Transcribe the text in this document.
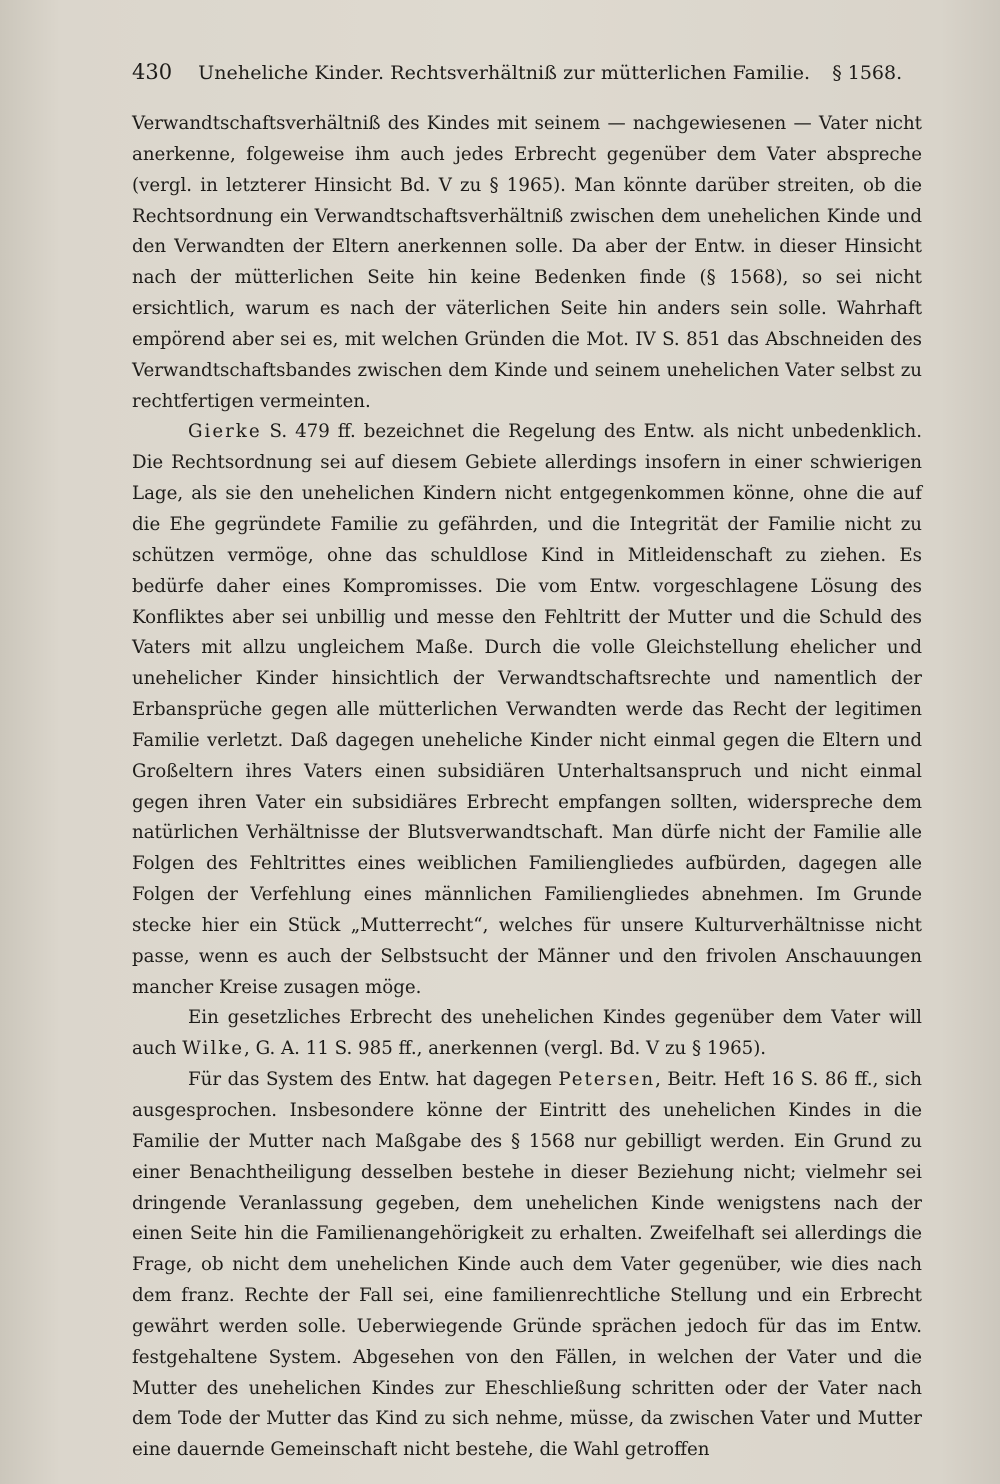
430 Uneheliche Kinder. Rechtsverhältniß zur mütterlichen Familie. § 1568.

Verwandtschaftsverhältniß des Kindes mit seinem — nachgewiesenen — Vater nicht anerkenne, folgeweise ihm auch jedes Erbrecht gegenüber dem Vater abspreche (vergl. in letzterer Hinsicht Bd. V zu § 1965). Man könnte darüber streiten, ob die Rechtsordnung ein Verwandtschaftsverhältniß zwischen dem unehelichen Kinde und den Verwandten der Eltern anerkennen solle. Da aber der Entw. in dieser Hinsicht nach der mütterlichen Seite hin keine Bedenken finde (§ 1568), so sei nicht ersichtlich, warum es nach der väterlichen Seite hin anders sein solle. Wahrhaft empörend aber sei es, mit welchen Gründen die Mot. IV S. 851 das Abschneiden des Verwandtschaftsbandes zwischen dem Kinde und seinem unehelichen Vater selbst zu rechtfertigen vermeinten.

Gierke S. 479 ff. bezeichnet die Regelung des Entw. als nicht unbedenklich. Die Rechtsordnung sei auf diesem Gebiete allerdings insofern in einer schwierigen Lage, als sie den unehelichen Kindern nicht entgegenkommen könne, ohne die auf die Ehe gegründete Familie zu gefährden, und die Integrität der Familie nicht zu schützen vermöge, ohne das schuldlose Kind in Mitleidenschaft zu ziehen. Es bedürfe daher eines Kompromisses. Die vom Entw. vorgeschlagene Lösung des Konfliktes aber sei unbillig und messe den Fehltritt der Mutter und die Schuld des Vaters mit allzu ungleichem Maße. Durch die volle Gleichstellung ehelicher und unehelicher Kinder hinsichtlich der Verwandtschaftsrechte und namentlich der Erbansprüche gegen alle mütterlichen Verwandten werde das Recht der legitimen Familie verletzt. Daß dagegen uneheliche Kinder nicht einmal gegen die Eltern und Großeltern ihres Vaters einen subsidiären Unterhaltsanspruch und nicht einmal gegen ihren Vater ein subsidiäres Erbrecht empfangen sollten, widerspreche dem natürlichen Verhältnisse der Blutsverwandtschaft. Man dürfe nicht der Familie alle Folgen des Fehltrittes eines weiblichen Familiengliedes aufbürden, dagegen alle Folgen der Verfehlung eines männlichen Familiengliedes abnehmen. Im Grunde stecke hier ein Stück „Mutterrecht“, welches für unsere Kulturverhältnisse nicht passe, wenn es auch der Selbstsucht der Männer und den frivolen Anschauungen mancher Kreise zusagen möge.

Ein gesetzliches Erbrecht des unehelichen Kindes gegenüber dem Vater will auch Wilke, G. A. 11 S. 985 ff., anerkennen (vergl. Bd. V zu § 1965).

Für das System des Entw. hat dagegen Petersen, Beitr. Heft 16 S. 86 ff., sich ausgesprochen. Insbesondere könne der Eintritt des unehelichen Kindes in die Familie der Mutter nach Maßgabe des § 1568 nur gebilligt werden. Ein Grund zu einer Benachtheiligung desselben bestehe in dieser Beziehung nicht; vielmehr sei dringende Veranlassung gegeben, dem unehelichen Kinde wenigstens nach der einen Seite hin die Familienangehörigkeit zu erhalten. Zweifelhaft sei allerdings die Frage, ob nicht dem unehelichen Kinde auch dem Vater gegenüber, wie dies nach dem franz. Rechte der Fall sei, eine familienrechtliche Stellung und ein Erbrecht gewährt werden solle. Ueberwiegende Gründe sprächen jedoch für das im Entw. festgehaltene System. Abgesehen von den Fällen, in welchen der Vater und die Mutter des unehelichen Kindes zur Eheschließung schritten oder der Vater nach dem Tode der Mutter das Kind zu sich nehme, müsse, da zwischen Vater und Mutter eine dauernde Gemeinschaft nicht bestehe, die Wahl getroffen
